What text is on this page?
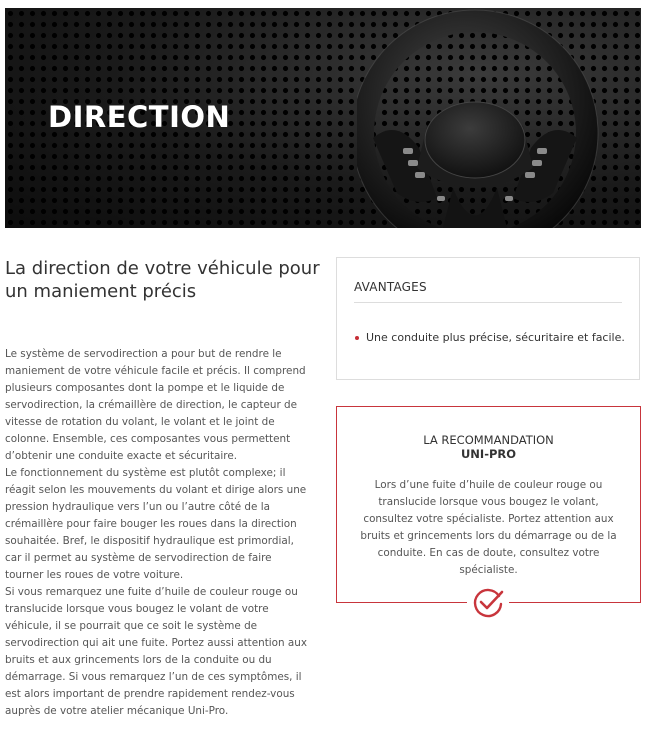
DIRECTION
La direction de votre véhicule pour un maniement précis

Le système de servodirection a pour but de rendre le maniement de votre véhicule facile et précis. Il comprend plusieurs composantes dont la pompe et le liquide de servodirection, la crémaillère de direction, le capteur de vitesse de rotation du volant, le volant et le joint de colonne. Ensemble, ces composantes vous permettent d’obtenir une conduite exacte et sécuritaire.

Le fonctionnement du système est plutôt complexe; il réagit selon les mouvements du volant et dirige alors une pression hydraulique vers l’un ou l’autre côté de la crémaillère pour faire bouger les roues dans la direction souhaitée. Bref, le dispositif hydraulique est primordial, car il permet au système de servodirection de faire tourner les roues de votre voiture.

Si vous remarquez une fuite d’huile de couleur rouge ou translucide lorsque vous bougez le volant de votre véhicule, il se pourrait que ce soit le système de servodirection qui ait une fuite. Portez aussi attention aux bruits et aux grincements lors de la conduite ou du démarrage. Si vous remarquez l’un de ces symptômes, il est alors important de prendre rapidement rendez-vous auprès de votre atelier mécanique Uni-Pro.

AVANTAGES
Une conduite plus précise, sécuritaire et facile.
LA RECOMMANDATION
UNI-PRO
Lors d’une fuite d’huile de couleur rouge ou translucide lorsque vous bougez le volant, consultez votre spécialiste. Portez attention aux bruits et grincements lors du démarrage ou de la conduite. En cas de doute, consultez votre spécialiste.
